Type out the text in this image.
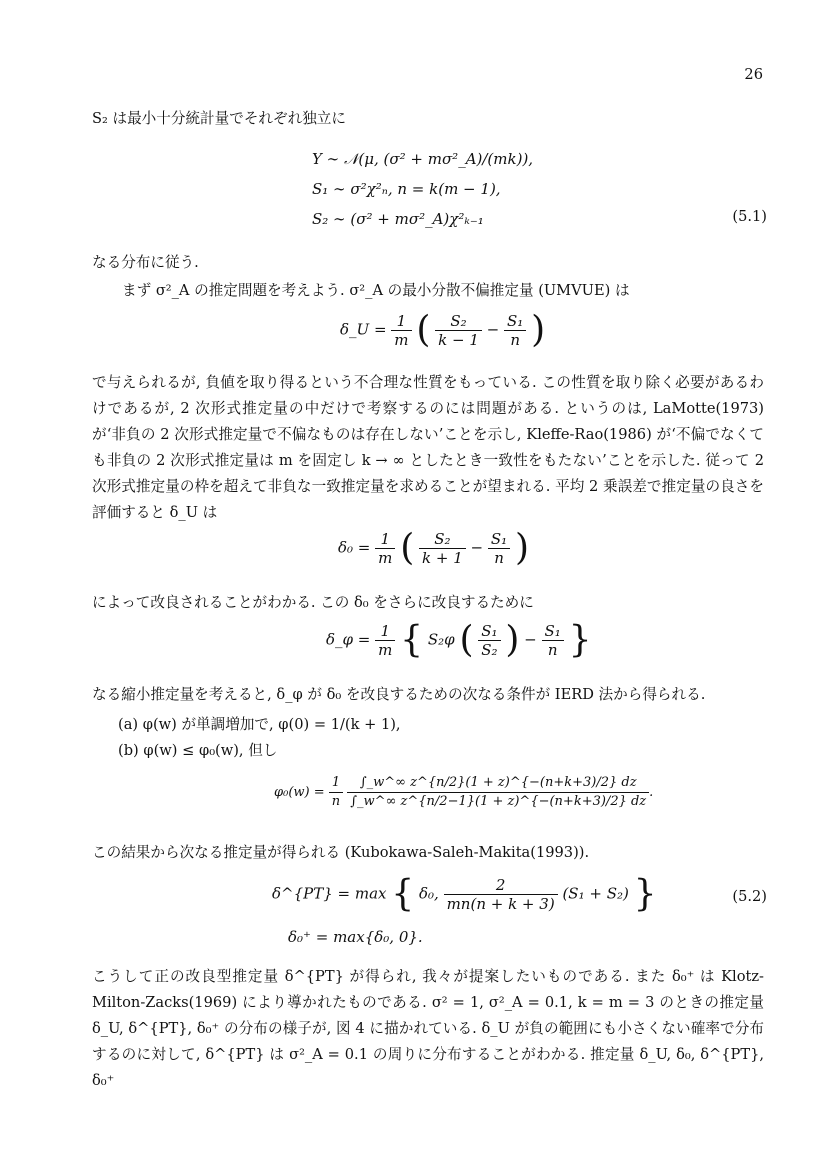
26
S₂ は最小十分統計量でそれぞれ独立に
Y ∼ 𝒩(μ, (σ² + mσ²_A)/(mk)),
S₁ ∼ σ²χ²ₙ, n = k(m − 1),
S₂ ∼ (σ² + mσ²_A)χ²ₖ₋₁	(5.1)
なる分布に従う.
まず σ²_A の推定問題を考えよう. σ²_A の最小分散不偏推定量 (UMVUE) は
δ_U = $\frac{1}{m}$ ( $\frac{\text{S₂}}{k - 1} - \frac{\text{S₁}}{n}$ )
で与えられるが, 負値を取り得るという不合理な性質をもっている. この性質を取り除く必要があるわけであるが, 2 次形式推定量の中だけで考察するのには問題がある. というのは, LaMotte(1973) が‘非負の 2 次形式推定量で不偏なものは存在しない’ことを示し, Kleffe-Rao(1986) が‘不偏でなくても非負の 2 次形式推定量は m を固定し k → ∞ としたとき一致性をもたない’ことを示した. 従って 2 次形式推定量の枠を超えて非負な一致推定量を求めることが望まれる. 平均 2 乗誤差で推定量の良さを評価すると δ_U は
$\delta_0 = \frac{1}{m}$ ( $\frac{\text{S₂}}{k + 1} - \frac{\text{S₁}}{n}$ )
によって改良されることがわかる. この δ₀ をさらに改良するために
δ_φ = $\frac{1}{m}$ { S₂φ ( $\frac{\text{S₁}}{\text{S₂}}$ ) − $\frac{\text{S₁}}{n}$ }
なる縮小推定量を考えると, δ_φ が δ₀ を改良するための次なる条件が IERD 法から得られる.
(a) φ(w) が単調増加で, φ(0) = 1/(k + 1),
(b) φ(w) ≤ φ₀(w), 但し
$\varphi_0(w) = \frac{1}{n}$
$\frac{\int\_w\^{}\infty z\^{}\{n/2\}(1 + z)\^{}\{-(n+k+3)/2\} dz}{\int\_w\^{}\infty z\^{}\{n/2-1\}(1 + z)\^{}\{-(n+k+3)/2\} dz}$ .
この結果から次なる推定量が得られる (Kubokawa-Saleh-Makita(1993)).
δ^{PT} = max { δ₀, $\frac{2}{mn(n + k + 3)} (S_1 + S_2)$ }	(5.2)
δ₀⁺ = max{δ₀, 0}.
こうして正の改良型推定量 δ^{PT} が得られ, 我々が提案したいものである. また δ₀⁺ は Klotz-Milton-Zacks(1969) により導かれたものである. σ² = 1, σ²_A = 0.1, k = m = 3 のときの推定量 δ_U, δ^{PT}, δ₀⁺ の分布の様子が, 図 4 に描かれている. δ_U が負の範囲にも小さくない確率で分布するのに対して, δ^{PT} は σ²_A = 0.1 の周りに分布することがわかる. 推定量 δ_U, δ₀, δ^{PT}, δ₀⁺
